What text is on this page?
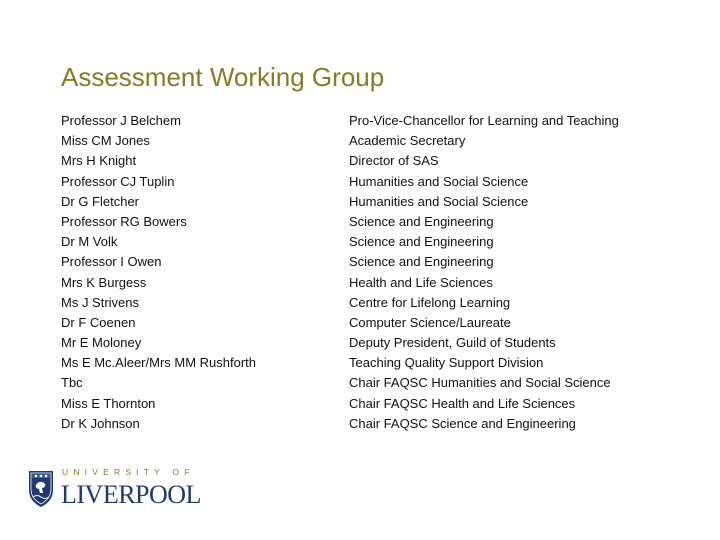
Assessment Working Group
Professor J Belchem
Miss CM Jones
Mrs H Knight
Professor CJ Tuplin
Dr G Fletcher
Professor RG Bowers
Dr M Volk
Professor I Owen
Mrs K Burgess
Ms J Strivens
Dr F Coenen
Mr E Moloney
Ms E Mc.Aleer/Mrs MM Rushforth
Tbc
Miss E Thornton
Dr K Johnson
Pro-Vice-Chancellor for Learning and Teaching
Academic Secretary
Director of SAS
Humanities and Social Science
Humanities and Social Science
Science and Engineering
Science and Engineering
Science and Engineering
Health and Life Sciences
Centre for Lifelong Learning
Computer Science/Laureate
Deputy President, Guild of Students
Teaching Quality Support Division
Chair FAQSC Humanities and Social Science
Chair FAQSC Health and Life Sciences
Chair FAQSC Science and Engineering
UNIVERSITY OF
LIVERPOOL
